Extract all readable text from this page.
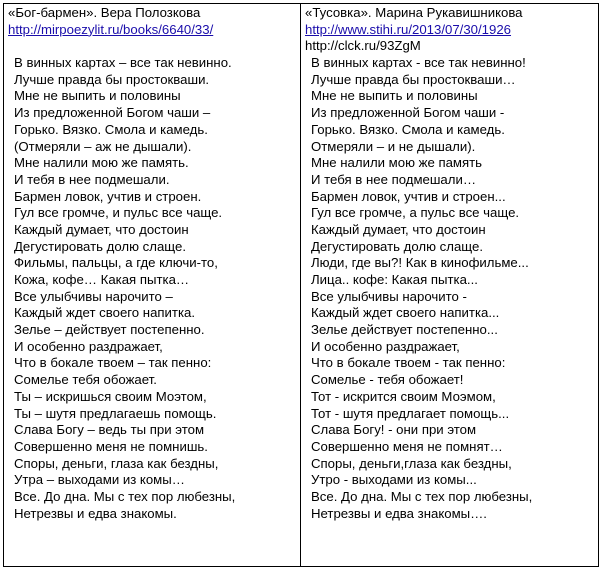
«Бог-бармен». Вера Полозкова
http://mirpoezylit.ru/books/6640/33/
В винных картах – все так невинно.
Лучше правда бы простокваши.
Мне не выпить и половины
Из предложенной Богом чаши –
Горько. Вязко. Смола и камедь.
(Отмеряли – аж не дышали).
Мне налили мою же память.
И тебя в нее подмешали.
Бармен ловок, учтив и строен.
Гул все громче, и пульс все чаще.
Каждый думает, что достоин
Дегустировать долю слаще.
Фильмы, пальцы, а где ключи-то,
Кожа, кофе… Какая пытка…
Все улыбчивы нарочито –
Каждый ждет своего напитка.
Зелье – действует постепенно.
И особенно раздражает,
Что в бокале твоем – так пенно:
Сомелье тебя обожает.
Ты – искришься своим Моэтом,
Ты – шутя предлагаешь помощь.
Слава Богу – ведь ты при этом
Совершенно меня не помнишь.
Споры, деньги, глаза как бездны,
Утра – выходами из комы…
Все. До дна. Мы с тех пор любезны,
Нетрезвы и едва знакомы.

«Тусовка». Марина Рукавишникова
http://www.stihi.ru/2013/07/30/1926
http://clck.ru/93ZgM
В винных картах - все так невинно!
Лучше правда бы простокваши…
Мне не выпить и половины
Из предложенной Богом чаши -
Горько. Вязко. Смола и камедь.
Отмеряли – и не дышали).
Мне налили мою же память
И тебя в нее подмешали…
Бармен ловок, учтив и строен...
Гул все громче, а пульс все чаще.
Каждый думает, что достоин
Дегустировать долю слаще.
Люди, где вы?! Как в кинофильме...
Лица.. кофе: Какая пытка...
Все улыбчивы нарочито -
Каждый ждет своего напитка...
Зелье действует постепенно...
И особенно раздражает,
Что в бокале твоем - так пенно:
Сомелье - тебя обожает!
Тот - искрится своим Моэмом,
Тот - шутя предлагает помощь...
Слава Богу! - они при этом
Совершенно меня не помнят…
Споры, деньги,глаза как бездны,
Утро - выходами из комы...
Все. До дна. Мы с тех пор любезны,
Нетрезвы и едва знакомы….
